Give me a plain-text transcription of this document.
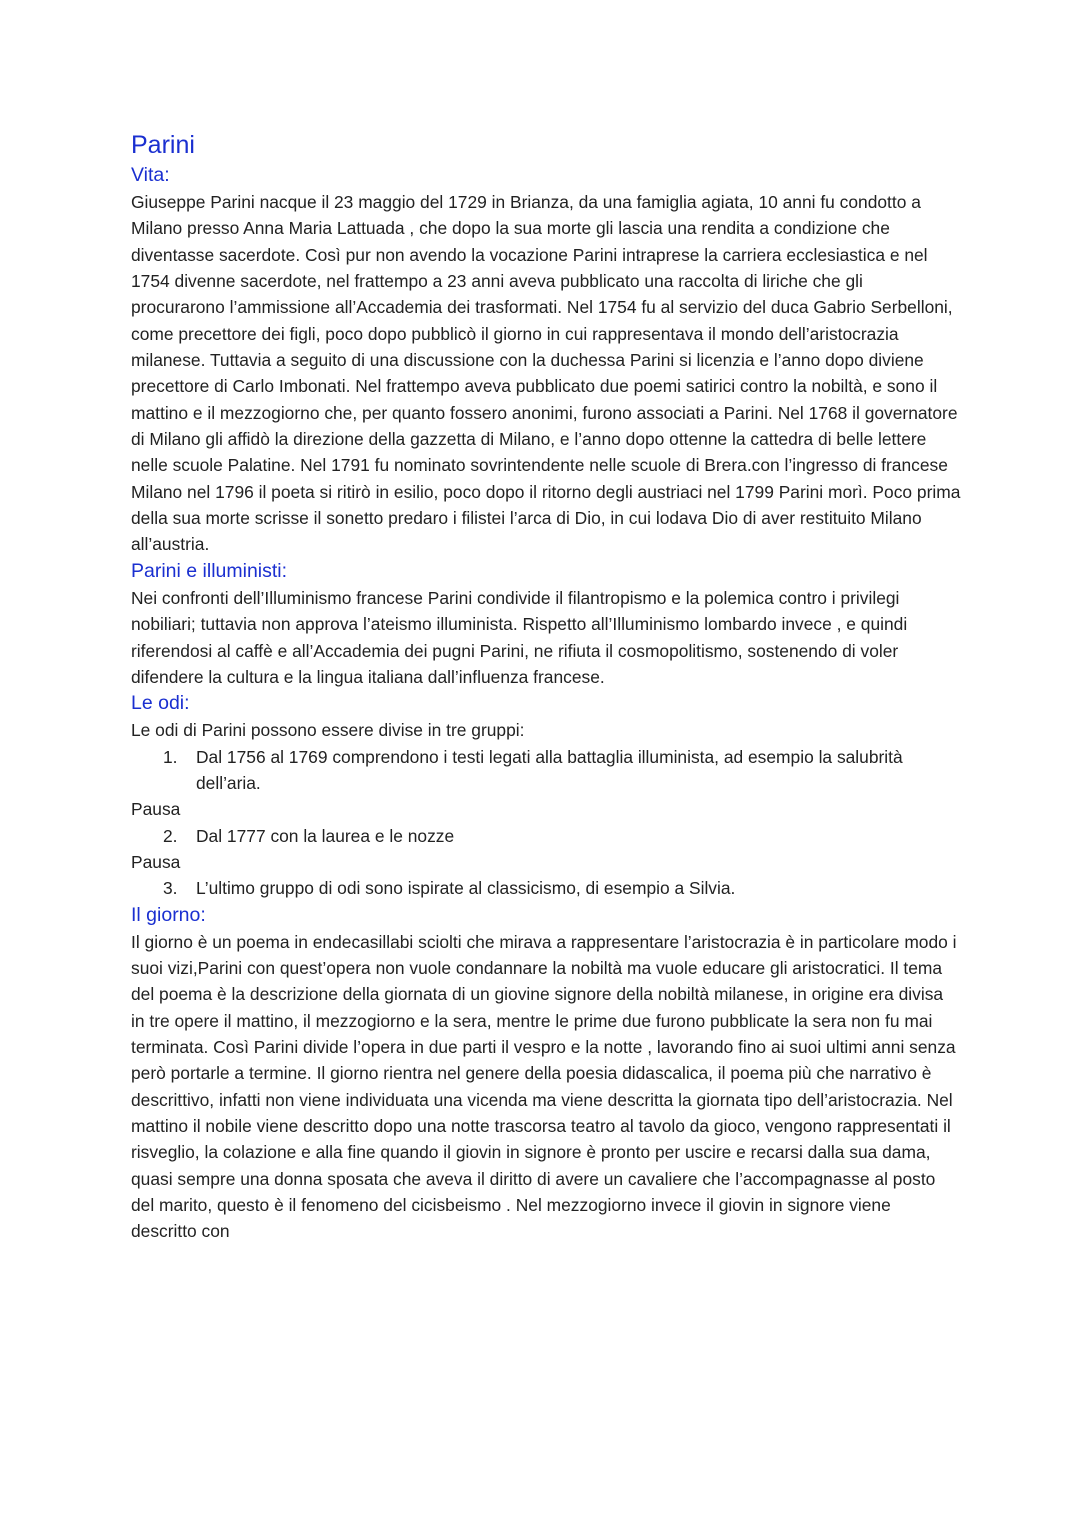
Parini
Vita:

Giuseppe Parini nacque il 23 maggio del 1729 in Brianza, da una famiglia agiata, 10 anni fu condotto a Milano presso Anna Maria Lattuada , che dopo la sua morte gli lascia una rendita a condizione che diventasse sacerdote. Così pur non avendo la vocazione Parini intraprese la carriera ecclesiastica e nel 1754 divenne sacerdote, nel frattempo a 23 anni aveva pubblicato una raccolta di liriche che gli procurarono l’ammissione all’Accademia dei trasformati. Nel 1754 fu al servizio del duca Gabrio Serbelloni, come precettore dei figli, poco dopo pubblicò il giorno in cui rappresentava il mondo dell’aristocrazia milanese. Tuttavia a seguito di una discussione con la duchessa Parini si licenzia e l’anno dopo diviene precettore di Carlo Imbonati. Nel frattempo aveva pubblicato due poemi satirici contro la nobiltà, e sono il mattino e il mezzogiorno che, per quanto fossero anonimi, furono associati a Parini. Nel 1768 il governatore di Milano gli affidò la direzione della gazzetta di Milano, e l’anno dopo ottenne la cattedra di belle lettere nelle scuole Palatine. Nel 1791 fu nominato sovrintendente nelle scuole di Brera.con l’ingresso di francese Milano nel 1796 il poeta si ritirò in esilio, poco dopo il ritorno degli austriaci nel 1799 Parini morì. Poco prima della sua morte scrisse il sonetto predaro i filistei l’arca di Dio, in cui lodava Dio di aver restituito Milano all’austria.

Parini e illuministi:

Nei confronti dell’Illuminismo francese Parini condivide il filantropismo e la polemica contro i privilegi nobiliari; tuttavia non approva l’ateismo illuminista. Rispetto all’Illuminismo lombardo invece , e quindi riferendosi al caffè e all’Accademia dei pugni Parini, ne rifiuta il cosmopolitismo, sostenendo di voler difendere la cultura e la lingua italiana dall’influenza francese.

Le odi:

Le odi di Parini possono essere divise in tre gruppi:

1. Dal 1756 al 1769 comprendono i testi legati alla battaglia illuminista, ad esempio la salubrità dell’aria.

Pausa

2. Dal 1777 con la laurea e le nozze

Pausa

3. L’ultimo gruppo di odi sono ispirate al classicismo, di esempio a Silvia.
Il giorno:

Il giorno è un poema in endecasillabi sciolti che mirava a rappresentare l’aristocrazia è in particolare modo i suoi vizi,Parini con quest’opera non vuole condannare la nobiltà ma vuole educare gli aristocratici. Il tema del poema è la descrizione della giornata di un giovine signore della nobiltà milanese, in origine era divisa in tre opere il mattino, il mezzogiorno e la sera, mentre le prime due furono pubblicate la sera non fu mai terminata. Così Parini divide l’opera in due parti il vespro e la notte , lavorando fino ai suoi ultimi anni senza però portarle a termine. Il giorno rientra nel genere della poesia didascalica, il poema più che narrativo è descrittivo, infatti non viene individuata una vicenda ma viene descritta la giornata tipo dell’aristocrazia. Nel mattino il nobile viene descritto dopo una notte trascorsa teatro al tavolo da gioco, vengono rappresentati il risveglio, la colazione e alla fine quando il giovin in signore è pronto per uscire e recarsi dalla sua dama, quasi sempre una donna sposata che aveva il diritto di avere un cavaliere che l’accompagnasse al posto del marito, questo è il fenomeno del cicisbeismo . Nel mezzogiorno invece il giovin in signore viene descritto con
